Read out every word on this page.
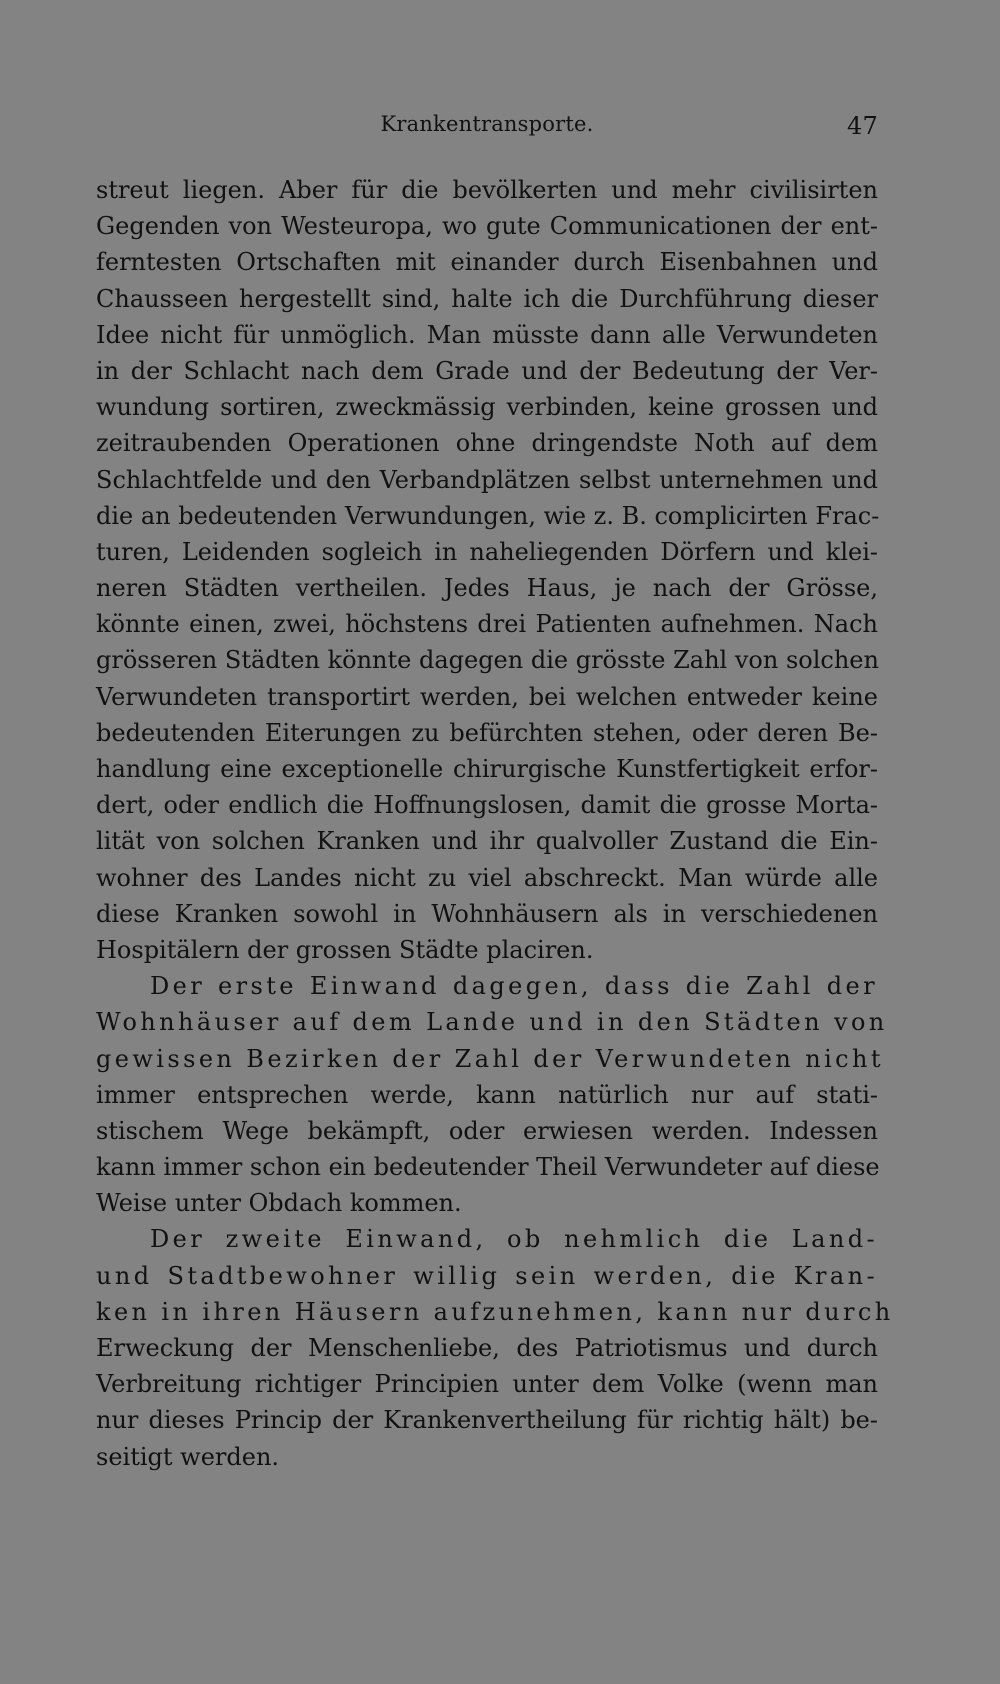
Krankentransporte.	47
streut liegen. Aber für die bevölkerten und mehr civilisirten
Gegenden von Westeuropa, wo gute Communicationen der ent-
ferntesten Ortschaften mit einander durch Eisenbahnen und
Chausseen hergestellt sind, halte ich die Durchführung dieser
Idee nicht für unmöglich. Man müsste dann alle Verwundeten
in der Schlacht nach dem Grade und der Bedeutung der Ver-
wundung sortiren, zweckmässig verbinden, keine grossen und
zeitraubenden Operationen ohne dringendste Noth auf dem
Schlachtfelde und den Verbandplätzen selbst unternehmen und
die an bedeutenden Verwundungen, wie z. B. complicirten Frac-
turen, Leidenden sogleich in naheliegenden Dörfern und klei-
neren Städten vertheilen. Jedes Haus, je nach der Grösse,
könnte einen, zwei, höchstens drei Patienten aufnehmen. Nach
grösseren Städten könnte dagegen die grösste Zahl von solchen
Verwundeten transportirt werden, bei welchen entweder keine
bedeutenden Eiterungen zu befürchten stehen, oder deren Be-
handlung eine exceptionelle chirurgische Kunstfertigkeit erfor-
dert, oder endlich die Hoffnungslosen, damit die grosse Morta-
lität von solchen Kranken und ihr qualvoller Zustand die Ein-
wohner des Landes nicht zu viel abschreckt. Man würde alle
diese Kranken sowohl in Wohnhäusern als in verschiedenen
Hospitälern der grossen Städte placiren.
Der erste Einwand dagegen, dass die Zahl der
Wohnhäuser auf dem Lande und in den Städten von
gewissen Bezirken der Zahl der Verwundeten nicht
immer entsprechen werde, kann natürlich nur auf stati-
stischem Wege bekämpft, oder erwiesen werden. Indessen
kann immer schon ein bedeutender Theil Verwundeter auf diese
Weise unter Obdach kommen.
Der zweite Einwand, ob nehmlich die Land-
und Stadtbewohner willig sein werden, die Kran-
ken in ihren Häusern aufzunehmen, kann nur durch
Erweckung der Menschenliebe, des Patriotismus und durch
Verbreitung richtiger Principien unter dem Volke (wenn man
nur dieses Princip der Krankenvertheilung für richtig hält) be-
seitigt werden.
